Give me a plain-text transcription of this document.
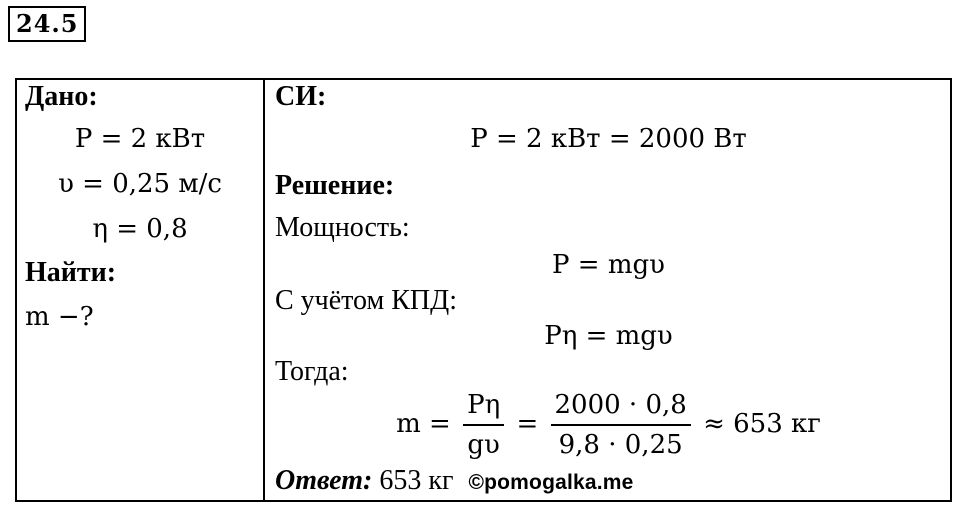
24.5
Дано:
P = 2 кВт
υ = 0,25 м/с
η = 0,8
Найти:
m −?
СИ:
P = 2 кВт = 2000 Вт
Решение:
Мощность:
P = mgυ
С учётом КПД:
Pη = mgυ
Тогда:
$m = \frac{P\eta}{g\upsilon} = \frac{2000 \cdot 0,8}{9,8 \cdot 0,25} \approx 653$ кг
Ответ: 653 кг ©pomogalka.me
